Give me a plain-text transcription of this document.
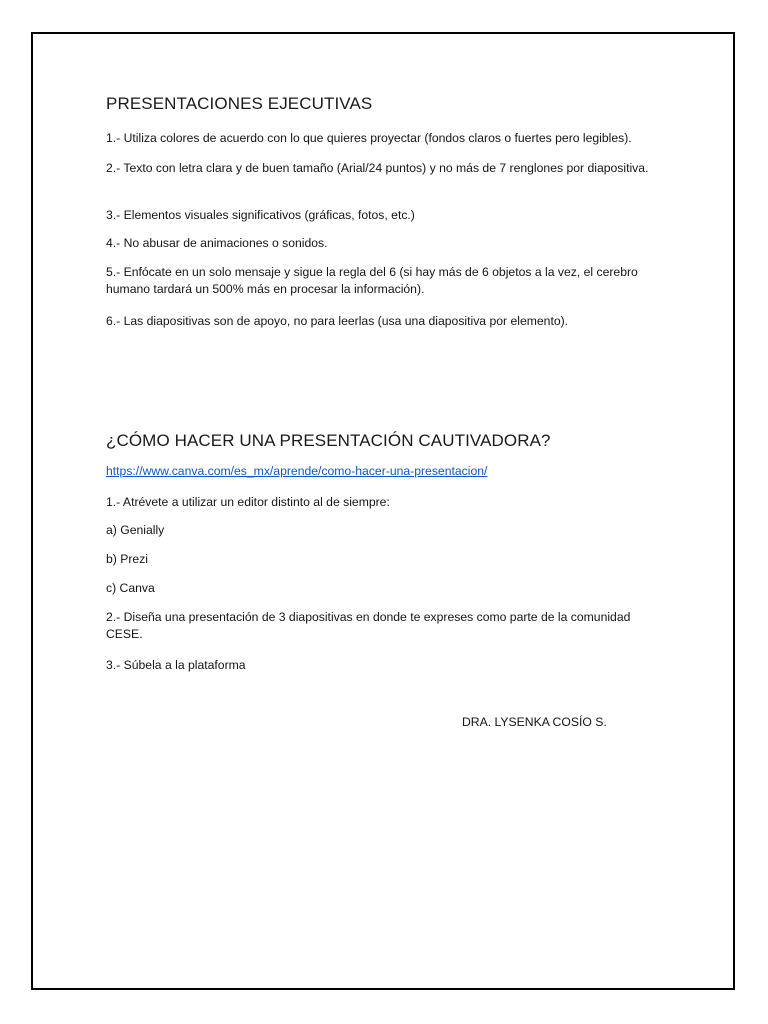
PRESENTACIONES EJECUTIVAS
1.- Utiliza colores de acuerdo con lo que quieres proyectar (fondos claros o fuertes pero legibles).
2.- Texto con letra clara y de buen tamaño (Arial/24 puntos) y no más de 7 renglones por diapositiva.
3.- Elementos visuales significativos (gráficas, fotos, etc.)
4.- No abusar de animaciones o sonidos.
5.- Enfócate en un solo mensaje y sigue la regla del 6 (si hay más de 6 objetos a la vez, el cerebro humano tardará un 500% más en procesar la información).
6.- Las diapositivas son de apoyo, no para leerlas (usa una diapositiva por elemento).
¿CÓMO HACER UNA PRESENTACIÓN CAUTIVADORA?
https://www.canva.com/es_mx/aprende/como-hacer-una-presentacion/
1.- Atrévete a utilizar un editor distinto al de siempre:
a) Genially
b) Prezi
c) Canva
2.- Diseña una presentación de 3 diapositivas en donde te expreses como parte de la comunidad CESE.
3.- Súbela a la plataforma
DRA. LYSENKA COSÍO S.
